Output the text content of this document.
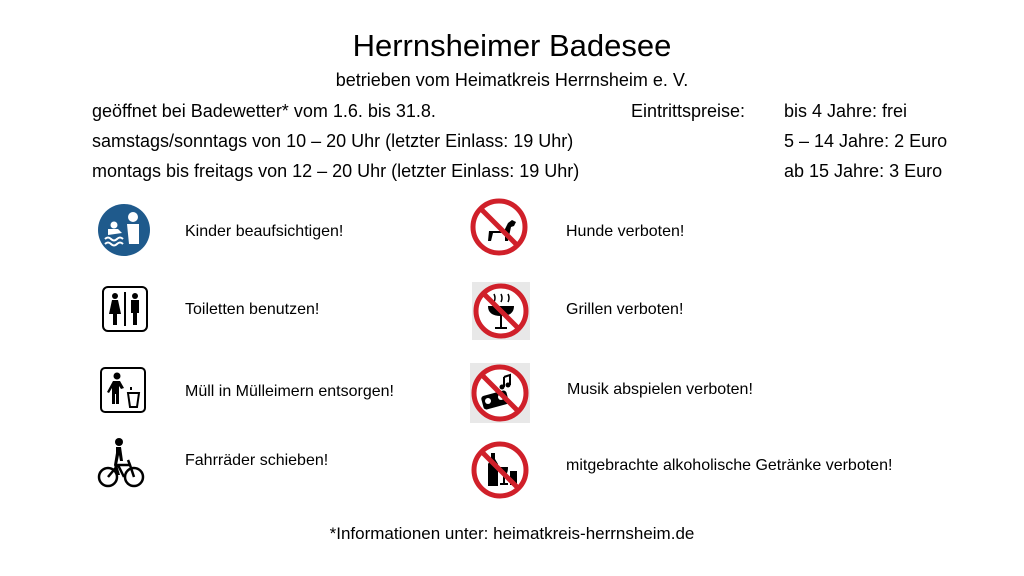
Herrnsheimer Badesee
betrieben vom Heimatkreis Herrnsheim e. V.
geöffnet bei Badewetter* vom 1.6. bis 31.8.
samstags/sonntags von 10 – 20 Uhr (letzter Einlass: 19 Uhr)
montags bis freitags von 12 – 20 Uhr (letzter Einlass: 19 Uhr)
Eintrittspreise: bis 4 Jahre: frei
5 – 14 Jahre: 2 Euro
ab 15 Jahre: 3 Euro
Kinder beaufsichtigen!
Toiletten benutzen!
Müll in Mülleimern entsorgen!
Fahrräder schieben!
Hunde verboten!
Grillen verboten!
Musik abspielen verboten!
mitgebrachte alkoholische Getränke verboten!
*Informationen unter: heimatkreis-herrnsheim.de
